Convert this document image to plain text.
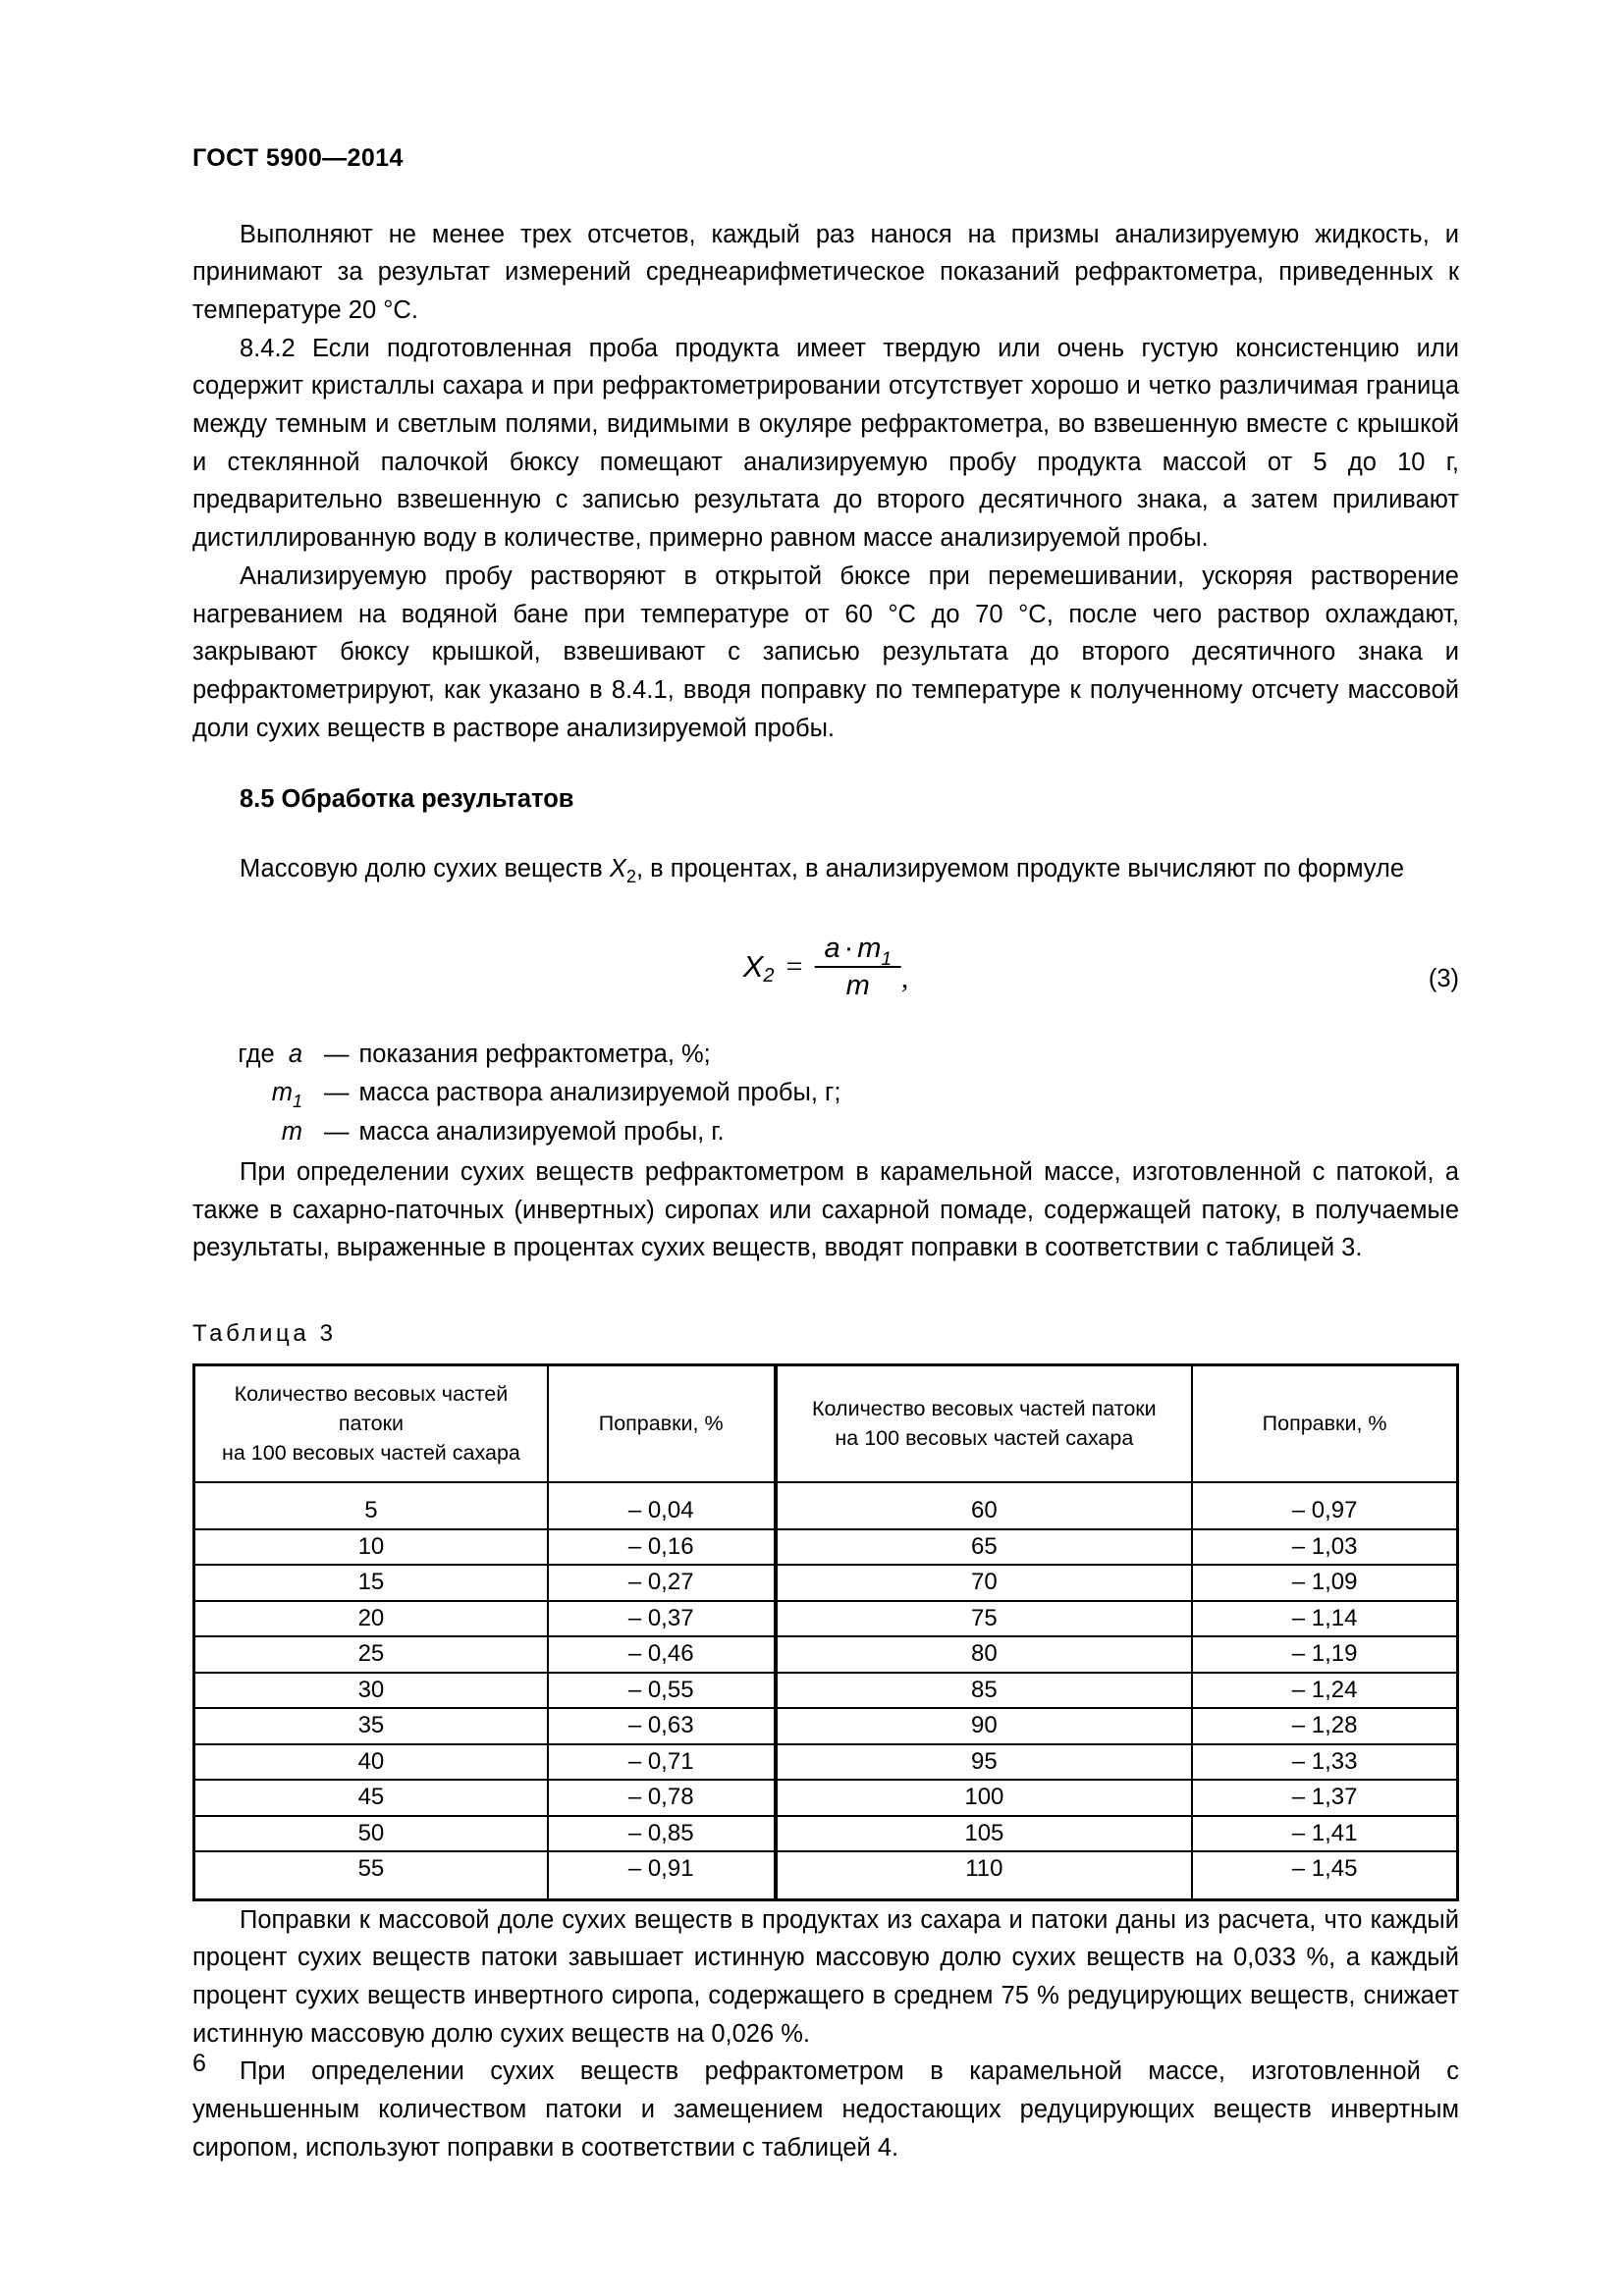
ГОСТ 5900—2014

Выполняют не менее трех отсчетов, каждый раз нанося на призмы анализируемую жидкость, и принимают за результат измерений среднеарифметическое показаний рефрактометра, приведенных к температуре 20 °С.

8.4.2 Если подготовленная проба продукта имеет твердую или очень густую консистенцию или содержит кристаллы сахара и при рефрактометрировании отсутствует хорошо и четко различимая граница между темным и светлым полями, видимыми в окуляре рефрактометра, во взвешенную вместе с крышкой и стеклянной палочкой бюксу помещают анализируемую пробу продукта массой от 5 до 10 г, предварительно взвешенную с записью результата до второго десятичного знака, а затем приливают дистиллированную воду в количестве, примерно равном массе анализируемой пробы.

Анализируемую пробу растворяют в открытой бюксе при перемешивании, ускоряя растворение нагреванием на водяной бане при температуре от 60 °С до 70 °С, после чего раствор охлаждают, закрывают бюксу крышкой, взвешивают с записью результата до второго десятичного знака и рефрактометрируют, как указано в 8.4.1, вводя поправку по температуре к полученному отсчету массовой доли сухих веществ в растворе анализируемой пробы.

8.5 Обработка результатов

Массовую долю сухих веществ $X_2$, в процентах, в анализируемом продукте вычисляют по формуле

X $2 = \frac{a \cdot m_1}{m}$ ,	(3)
где a — показания рефрактометра, %;
$m_1$ — масса раствора анализируемой пробы, г;
m — масса анализируемой пробы, г.

При определении сухих веществ рефрактометром в карамельной массе, изготовленной с патокой, а также в сахарно-паточных (инвертных) сиропах или сахарной помаде, содержащей патоку, в получаемые результаты, выраженные в процентах сухих веществ, вводят поправки в соответствии с таблицей 3.

Таблица 3
Количество весовых частей патоки
на 100 весовых частей сахара	Поправки, %	Количество весовых частей патоки
на 100 весовых частей сахара	Поправки, %
5	– 0,04	60	– 0,97
10	– 0,16	65	– 1,03
15	– 0,27	70	– 1,09
20	– 0,37	75	– 1,14
25	– 0,46	80	– 1,19
30	– 0,55	85	– 1,24
35	– 0,63	90	– 1,28
40	– 0,71	95	– 1,33
45	– 0,78	100	– 1,37
50	– 0,85	105	– 1,41
55	– 0,91	110	– 1,45

Поправки к массовой доле сухих веществ в продуктах из сахара и патоки даны из расчета, что каждый процент сухих веществ патоки завышает истинную массовую долю сухих веществ на 0,033 %, а каждый процент сухих веществ инвертного сиропа, содержащего в среднем 75 % редуцирующих веществ, снижает истинную массовую долю сухих веществ на 0,026 %.

При определении сухих веществ рефрактометром в карамельной массе, изготовленной с уменьшенным количеством патоки и замещением недостающих редуцирующих веществ инвертным сиропом, используют поправки в соответствии с таблицей 4.

6
